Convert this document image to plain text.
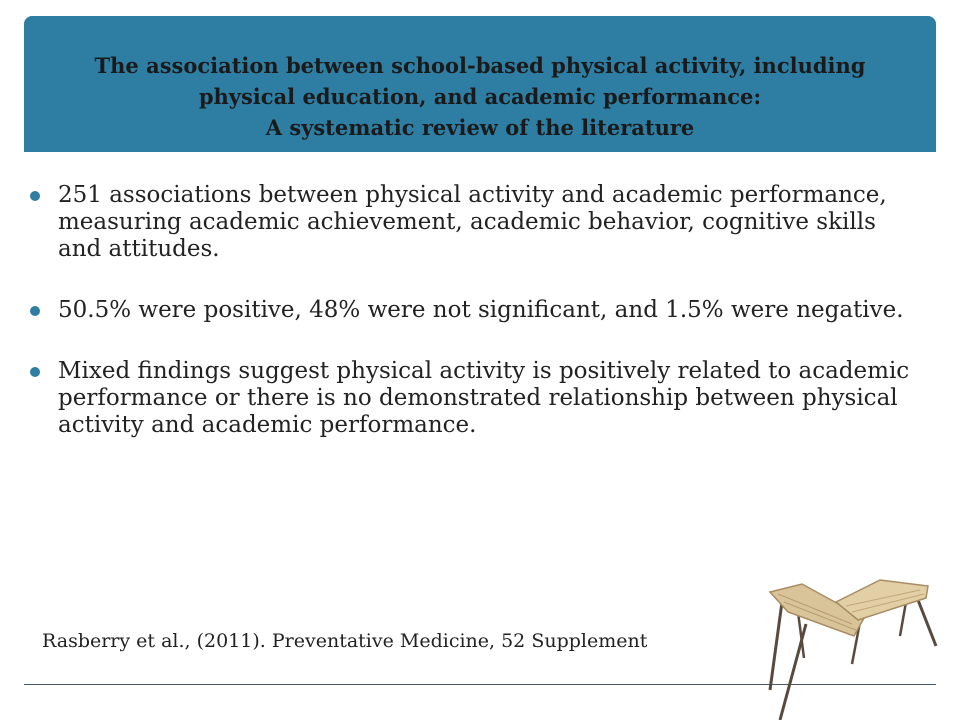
The association between school-based physical activity, including
physical education, and academic performance:
A systematic review of the literature
251 associations between physical activity and academic performance, measuring academic achievement, academic behavior, cognitive skills and attitudes.
50.5% were positive, 48% were not significant, and 1.5% were negative.
Mixed findings suggest physical activity is positively related to academic performance or there is no demonstrated relationship between physical activity and academic performance.
Rasberry et al., (2011). Preventative Medicine, 52 Supplement
